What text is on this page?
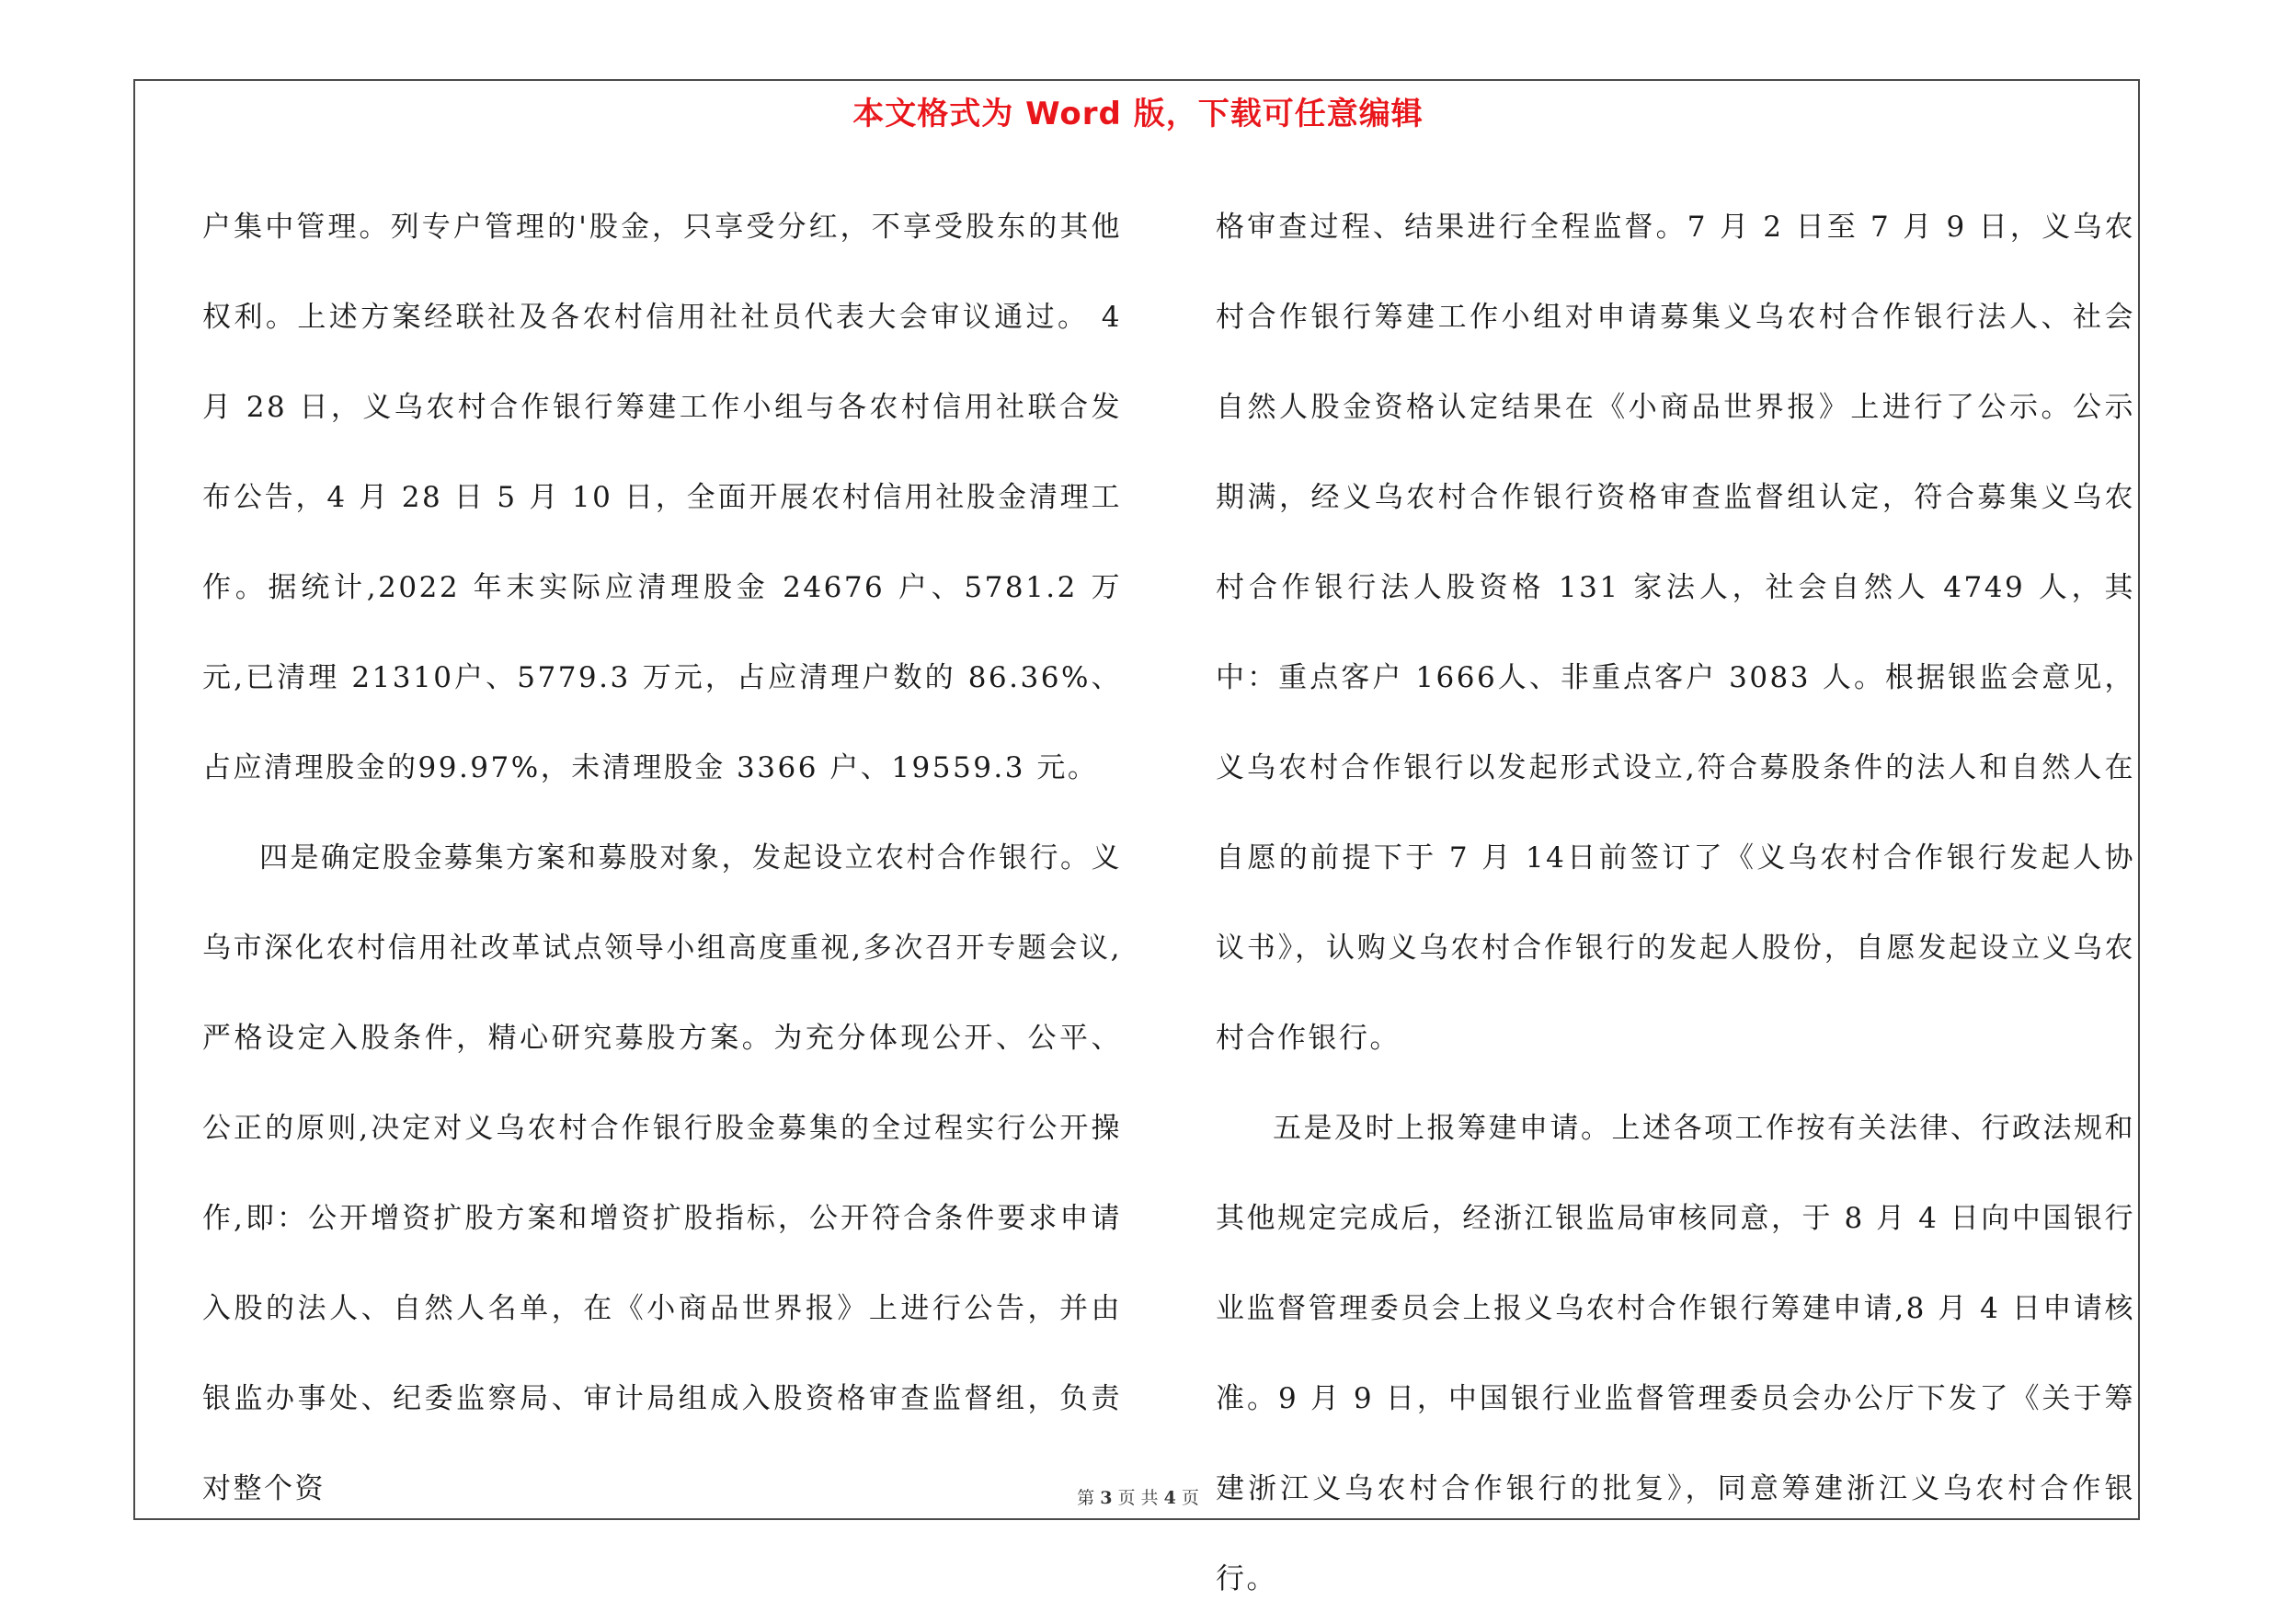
本文格式为 Word 版，下载可任意编辑

户集中管理。列专户管理的'股金，只享受分红，不享受股东的其他权利。上述方案经联社及各农村信用社社员代表大会审议通过。 4月 28 日，义乌农村合作银行筹建工作小组与各农村信用社联合发布公告，4 月 28 日 5 月 10 日，全面开展农村信用社股金清理工作。据统计,2022 年末实际应清理股金 24676 户、5781.2 万元,已清理 21310户、5779.3 万元，占应清理户数的 86.36%、占应清理股金的99.97%，未清理股金 3366 户、19559.3 元。

四是确定股金募集方案和募股对象，发起设立农村合作银行。义乌市深化农村信用社改革试点领导小组高度重视,多次召开专题会议,严格设定入股条件，精心研究募股方案。为充分体现公开、公平、公正的原则,决定对义乌农村合作银行股金募集的全过程实行公开操作,即：公开增资扩股方案和增资扩股指标，公开符合条件要求申请入股的法人、自然人名单，在《小商品世界报》上进行公告，并由银监办事处、纪委监察局、审计局组成入股资格审查监督组，负责对整个资

格审查过程、结果进行全程监督。7 月 2 日至 7 月 9 日，义乌农村合作银行筹建工作小组对申请募集义乌农村合作银行法人、社会自然人股金资格认定结果在《小商品世界报》上进行了公示。公示期满，经义乌农村合作银行资格审查监督组认定，符合募集义乌农村合作银行法人股资格 131 家法人，社会自然人 4749 人，其中：重点客户 1666人、非重点客户 3083 人。根据银监会意见，义乌农村合作银行以发起形式设立,符合募股条件的法人和自然人在自愿的前提下于 7 月 14日前签订了《义乌农村合作银行发起人协议书》，认购义乌农村合作银行的发起人股份，自愿发起设立义乌农村合作银行。

五是及时上报筹建申请。上述各项工作按有关法律、行政法规和其他规定完成后，经浙江银监局审核同意，于 8 月 4 日向中国银行业监督管理委员会上报义乌农村合作银行筹建申请,8 月 4 日申请核准。9 月 9 日，中国银行业监督管理委员会办公厅下发了《关于筹建浙江义乌农村合作银行的批复》，同意筹建浙江义乌农村合作银行。

第 3 页 共 4 页
